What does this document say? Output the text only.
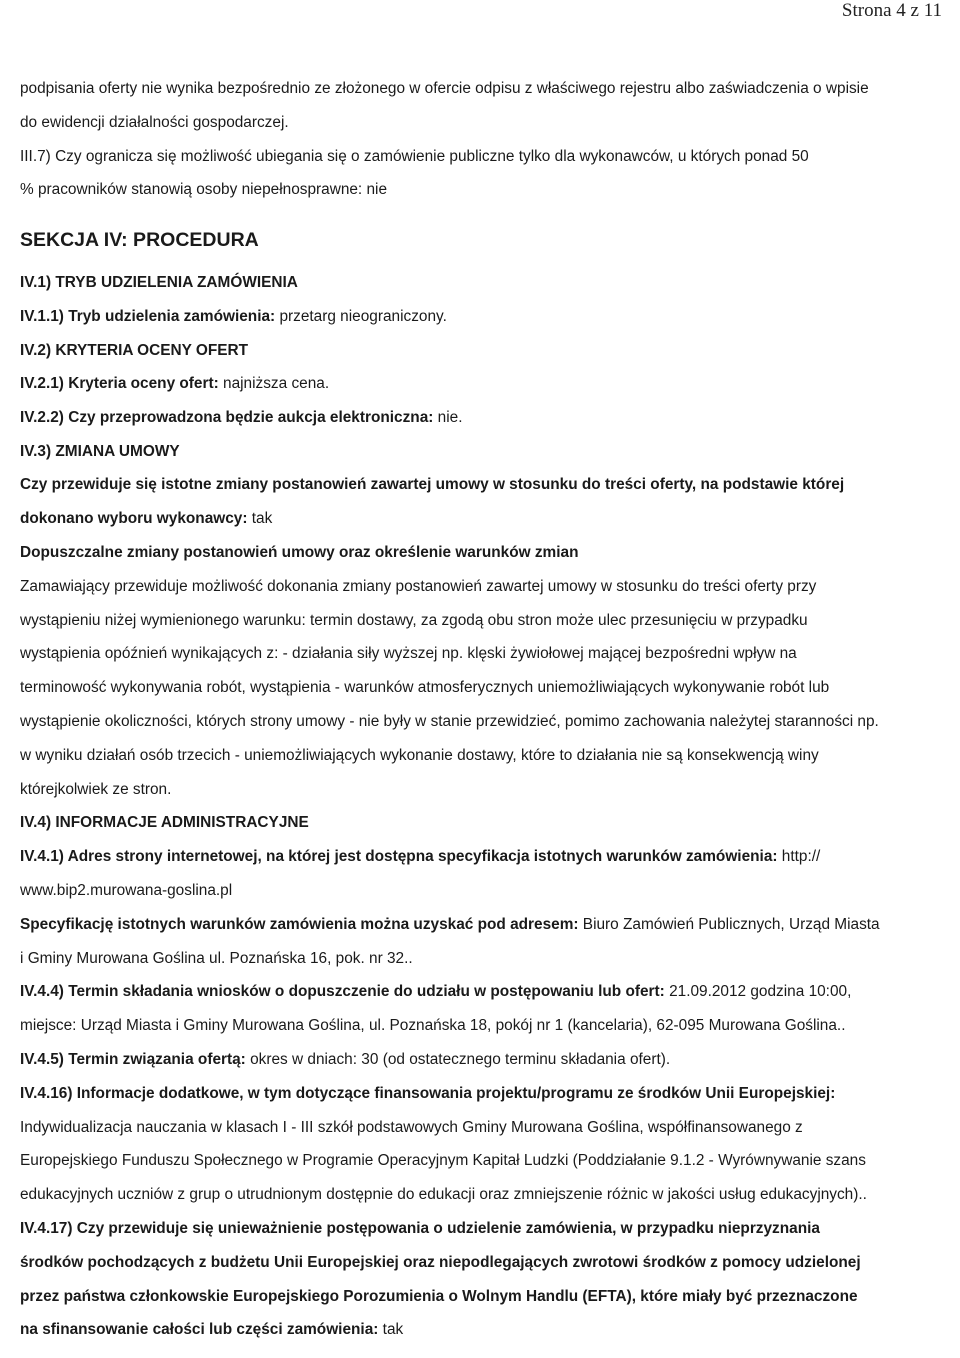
Strona 4 z 11

podpisania oferty nie wynika bezpośrednio ze złożonego w ofercie odpisu z właściwego rejestru albo zaświadczenia o wpisie
do ewidencji działalności gospodarczej.

III.7) Czy ogranicza się możliwość ubiegania się o zamówienie publiczne tylko dla wykonawców, u których ponad 50
% pracowników stanowią osoby niepełnosprawne: nie

SEKCJA IV: PROCEDURA

IV.1) TRYB UDZIELENIA ZAMÓWIENIA

IV.1.1) Tryb udzielenia zamówienia: przetarg nieograniczony.

IV.2) KRYTERIA OCENY OFERT

IV.2.1) Kryteria oceny ofert: najniższa cena.

IV.2.2) Czy przeprowadzona będzie aukcja elektroniczna: nie.

IV.3) ZMIANA UMOWY

Czy przewiduje się istotne zmiany postanowień zawartej umowy w stosunku do treści oferty, na podstawie której
dokonano wyboru wykonawcy: tak

Dopuszczalne zmiany postanowień umowy oraz określenie warunków zmian

Zamawiający przewiduje możliwość dokonania zmiany postanowień zawartej umowy w stosunku do treści oferty przy
wystąpieniu niżej wymienionego warunku: termin dostawy, za zgodą obu stron może ulec przesunięciu w przypadku
wystąpienia opóźnień wynikających z: - działania siły wyższej np. klęski żywiołowej mającej bezpośredni wpływ na
terminowość wykonywania robót, wystąpienia - warunków atmosferycznych uniemożliwiających wykonywanie robót lub
wystąpienie okoliczności, których strony umowy - nie były w stanie przewidzieć, pomimo zachowania należytej staranności np.
w wyniku działań osób trzecich - uniemożliwiających wykonanie dostawy, które to działania nie są konsekwencją winy
którejkolwiek ze stron.

IV.4) INFORMACJE ADMINISTRACYJNE

IV.4.1) Adres strony internetowej, na której jest dostępna specyfikacja istotnych warunków zamówienia: http://
www.bip2.murowana-goslina.pl

Specyfikację istotnych warunków zamówienia można uzyskać pod adresem: Biuro Zamówień Publicznych, Urząd Miasta
i Gminy Murowana Goślina ul. Poznańska 16, pok. nr 32..

IV.4.4) Termin składania wniosków o dopuszczenie do udziału w postępowaniu lub ofert: 21.09.2012 godzina 10:00,
miejsce: Urząd Miasta i Gminy Murowana Goślina, ul. Poznańska 18, pokój nr 1 (kancelaria), 62-095 Murowana Goślina..

IV.4.5) Termin związania ofertą: okres w dniach: 30 (od ostatecznego terminu składania ofert).

IV.4.16) Informacje dodatkowe, w tym dotyczące finansowania projektu/programu ze środków Unii Europejskiej:
Indywidualizacja nauczania w klasach I - III szkół podstawowych Gminy Murowana Goślina, współfinansowanego z
Europejskiego Funduszu Społecznego w Programie Operacyjnym Kapitał Ludzki (Poddziałanie 9.1.2 - Wyrównywanie szans
edukacyjnych uczniów z grup o utrudnionym dostępnie do edukacji oraz zmniejszenie różnic w jakości usług edukacyjnych)..

IV.4.17) Czy przewiduje się unieważnienie postępowania o udzielenie zamówienia, w przypadku nieprzyznania
środków pochodzących z budżetu Unii Europejskiej oraz niepodlegających zwrotowi środków z pomocy udzielonej
przez państwa członkowskie Europejskiego Porozumienia o Wolnym Handlu (EFTA), które miały być przeznaczone
na sfinansowanie całości lub części zamówienia: tak
